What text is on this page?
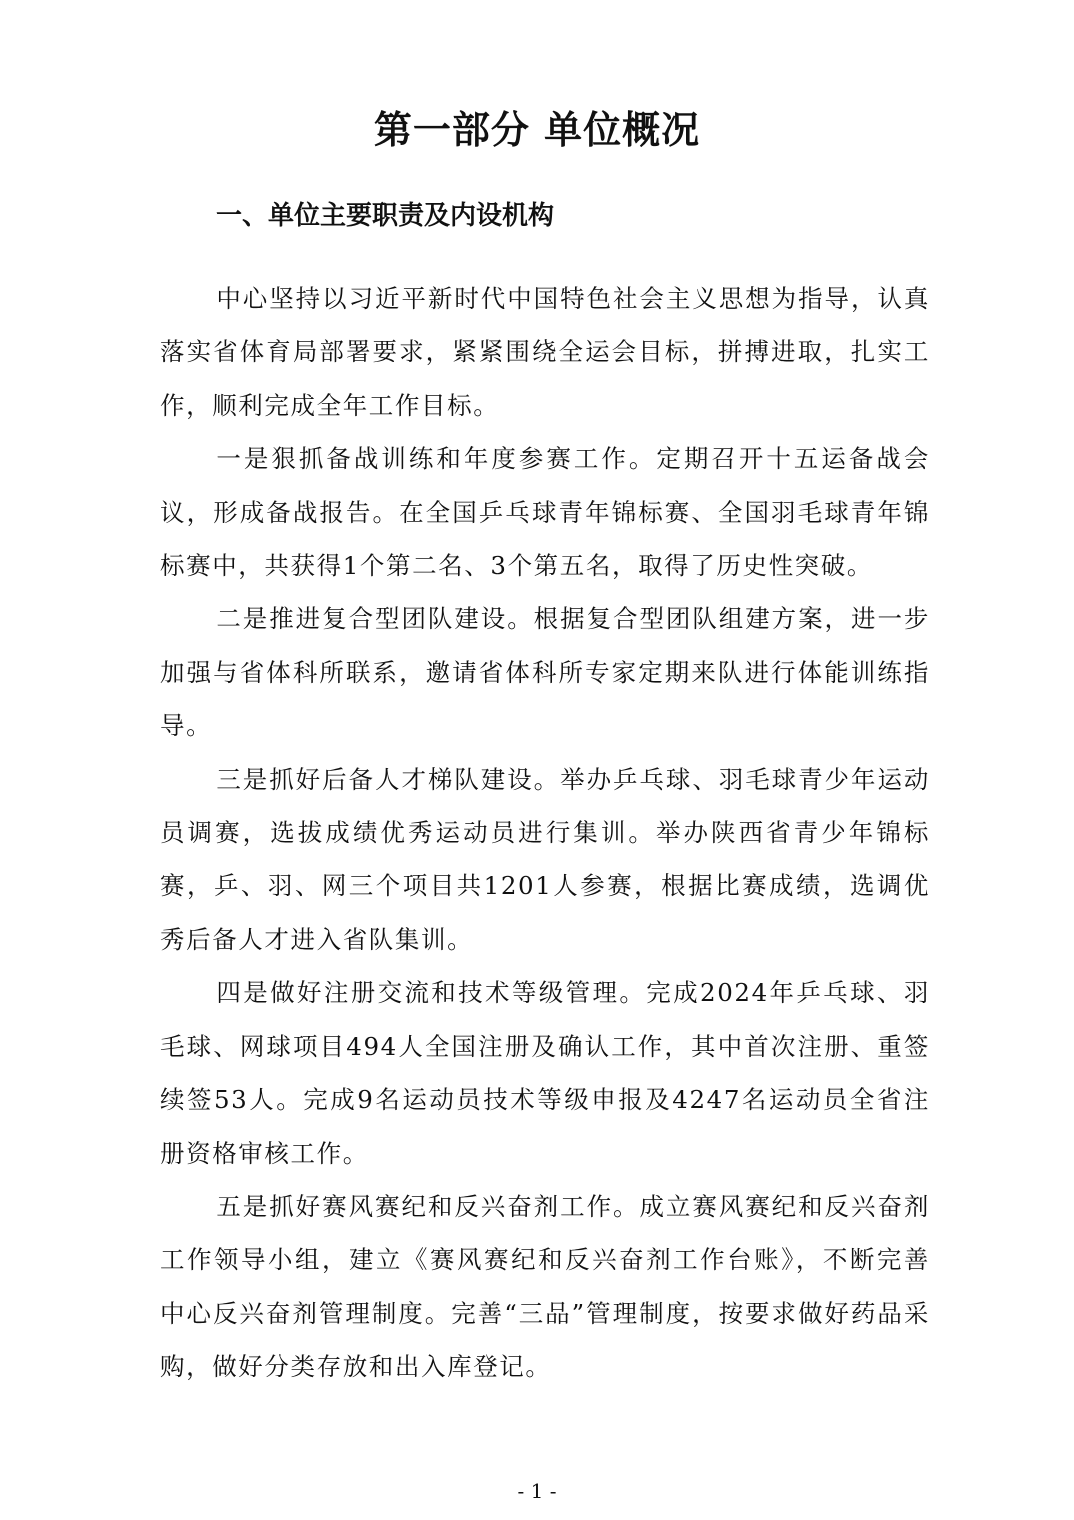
第一部分 单位概况
一、单位主要职责及内设机构

中心坚持以习近平新时代中国特色社会主义思想为指导，认真落实省体育局部署要求，紧紧围绕全运会目标，拼搏进取，扎实工作，顺利完成全年工作目标。

一是狠抓备战训练和年度参赛工作。定期召开十五运备战会议，形成备战报告。在全国乒乓球青年锦标赛、全国羽毛球青年锦标赛中，共获得1个第二名、3个第五名，取得了历史性突破。

二是推进复合型团队建设。根据复合型团队组建方案，进一步加强与省体科所联系，邀请省体科所专家定期来队进行体能训练指导。

三是抓好后备人才梯队建设。举办乒乓球、羽毛球青少年运动员调赛，选拔成绩优秀运动员进行集训。举办陕西省青少年锦标赛，乒、羽、网三个项目共1201人参赛，根据比赛成绩，选调优秀后备人才进入省队集训。

四是做好注册交流和技术等级管理。完成2024年乒乓球、羽毛球、网球项目494人全国注册及确认工作，其中首次注册、重签续签53人。完成9名运动员技术等级申报及4247名运动员全省注册资格审核工作。

五是抓好赛风赛纪和反兴奋剂工作。成立赛风赛纪和反兴奋剂工作领导小组，建立《赛风赛纪和反兴奋剂工作台账》，不断完善中心反兴奋剂管理制度。完善“三品”管理制度，按要求做好药品采购，做好分类存放和出入库登记。

- 1 -
